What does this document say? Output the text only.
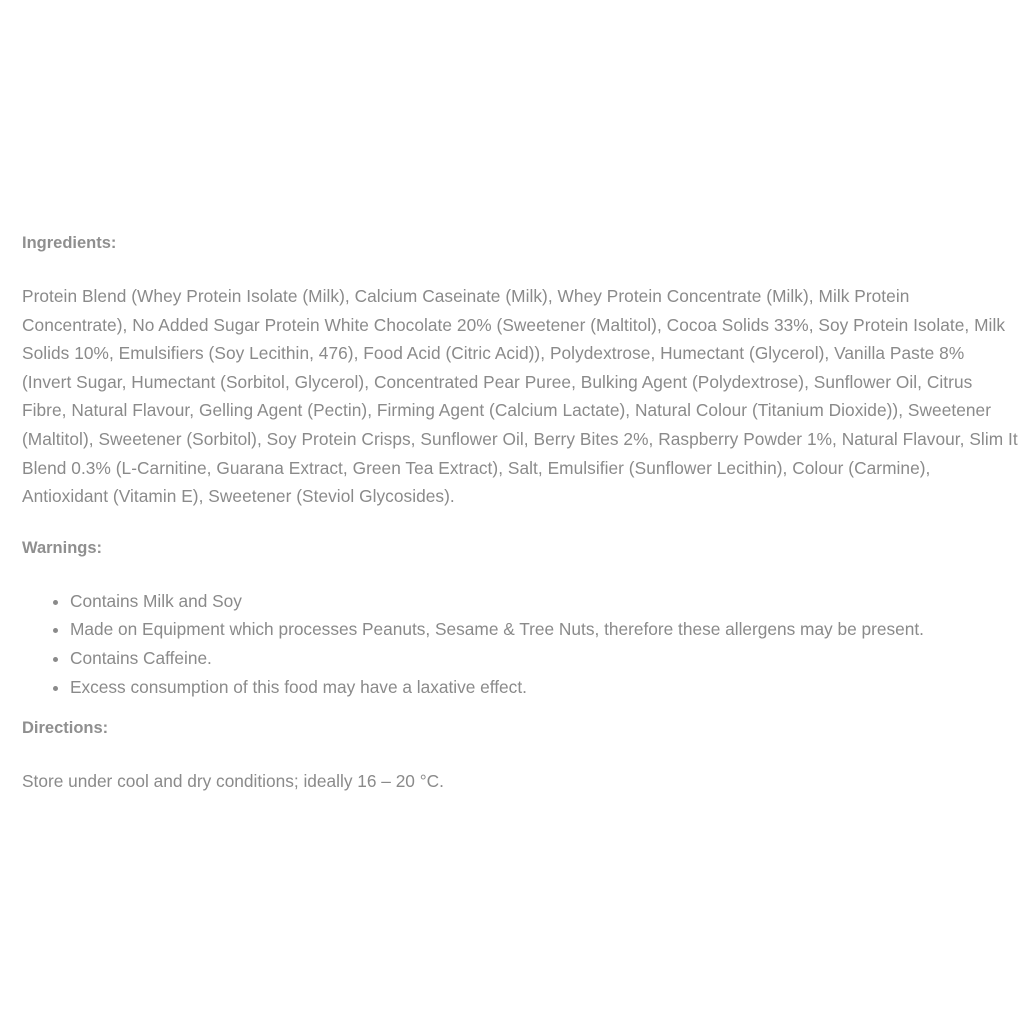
Ingredients:

Protein Blend (Whey Protein Isolate (Milk), Calcium Caseinate (Milk), Whey Protein Concentrate (Milk), Milk Protein Concentrate), No Added Sugar Protein White Chocolate 20% (Sweetener (Maltitol), Cocoa Solids 33%, Soy Protein Isolate, Milk Solids 10%, Emulsifiers (Soy Lecithin, 476), Food Acid (Citric Acid)), Polydextrose, Humectant (Glycerol), Vanilla Paste 8% (Invert Sugar, Humectant (Sorbitol, Glycerol), Concentrated Pear Puree, Bulking Agent (Polydextrose), Sunflower Oil, Citrus Fibre, Natural Flavour, Gelling Agent (Pectin), Firming Agent (Calcium Lactate), Natural Colour (Titanium Dioxide)), Sweetener (Maltitol), Sweetener (Sorbitol), Soy Protein Crisps, Sunflower Oil, Berry Bites 2%, Raspberry Powder 1%, Natural Flavour, Slim It Blend 0.3% (L-Carnitine, Guarana Extract, Green Tea Extract), Salt, Emulsifier (Sunflower Lecithin), Colour (Carmine), Antioxidant (Vitamin E), Sweetener (Steviol Glycosides).

Warnings:

• Contains Milk and Soy
• Made on Equipment which processes Peanuts, Sesame & Tree Nuts, therefore these allergens may be present.
• Contains Caffeine.
• Excess consumption of this food may have a laxative effect.

Directions:

Store under cool and dry conditions; ideally 16 – 20 °C.
